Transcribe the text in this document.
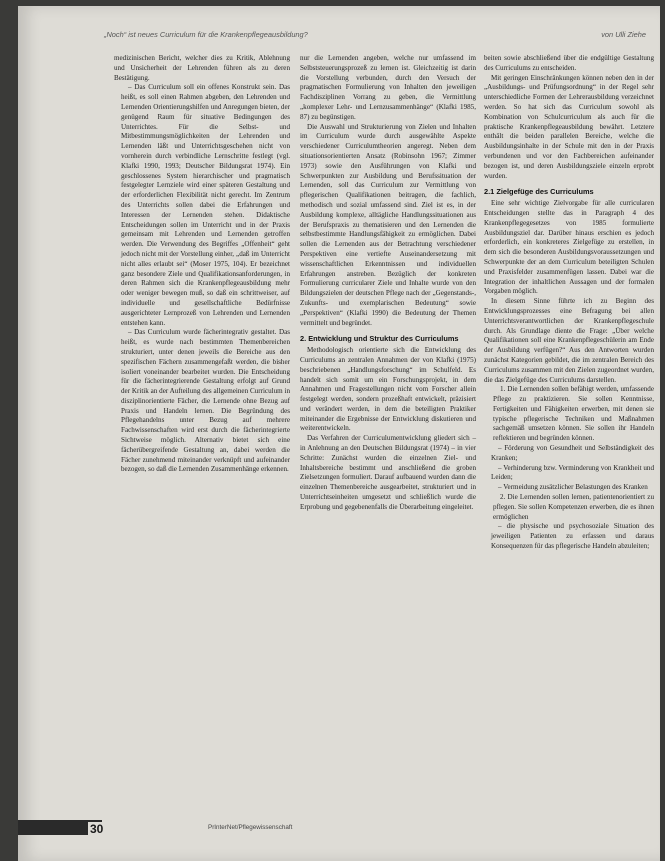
„Noch“ ist neues Curriculum für die Krankenpflegeausbildung?	von Ulli Ziehe

medizinischen Bericht, welcher dies zu Kritik, Ablehnung und Unsicherheit der Lehrenden führen als zu deren Bestätigung.

– Das Curriculum soll ein offenes Konstrukt sein. Das heißt, es soll einen Rahmen abgeben, den Lehrenden und Lernenden Orientierungshilfen und Anregungen bieten, der genügend Raum für situative Bedingungen des Unterrichtes. Für die Selbst- und Mitbestimmungsmöglichkeiten der Lehrenden und Lernenden läßt und Unterrichtsgeschehen nicht von vornherein durch verbindliche Lernschritte festlegt (vgl. Klafki 1990, 1993; Deutscher Bildungsrat 1974). Ein geschlossenes System hierarchischer und pragmatisch festgelegter Lernziele wird einer späteren Gestaltung und der erforderlichen Flexibilität nicht gerecht. Im Zentrum des Unterrichts sollen dabei die Erfahrungen und Interessen der Lernenden stehen. Didaktische Entscheidungen sollen im Unterricht und in der Praxis gemeinsam mit Lehrenden und Lernenden getroffen werden. Die Verwendung des Begriffes „Offenheit“ geht jedoch nicht mit der Vorstellung einher, „daß im Unterricht nicht alles erlaubt sei“ (Moser 1975, 104). Er bezeichnet ganz besondere Ziele und Qualifikationsanforderungen, in deren Rahmen sich die Krankenpflegeausbildung mehr oder weniger bewegen muß, so daß ein schrittweiser, auf individuelle und gesellschaftliche Bedürfnisse ausgerichteter Lernprozeß von Lehrenden und Lernenden entstehen kann.

– Das Curriculum wurde fächerintegrativ gestaltet. Das heißt, es wurde nach bestimmten Themenbereichen strukturiert, unter denen jeweils die Bereiche aus den spezifischen Fächern zusammengefaßt werden, die bisher isoliert voneinander bearbeitet wurden. Die Entscheidung für die fächerintegrierende Gestaltung erfolgt auf Grund der Kritik an der Aufteilung des allgemeinen Curriculum in disziplinorientierte Fächer, die Lernende ohne Bezug auf Praxis und Handeln lernen. Die Begründung des Pflegehandelns unter Bezug auf mehrere Fachwissenschaften wird erst durch die fächerintegrierte Sichtweise möglich. Alternativ bietet sich eine fächerübergreifende Gestaltung an, dabei werden die Fächer zunehmend miteinander verknüpft und aufeinander bezogen, so daß die Lernenden Zusammenhänge erkennen.

nur die Lernenden angeben, welche nur umfassend im Selbststeuerungsprozeß zu lernen ist. Gleichzeitig ist darin die Vorstellung verbunden, durch den Versuch der pragmatischen Formulierung von Inhalten den jeweiligen Fachdisziplinen Vorrang zu geben, die Vermittlung „komplexer Lehr- und Lernzusammenhänge“ (Klafki 1985, 87) zu begünstigen.

Die Auswahl und Strukturierung von Zielen und Inhalten im Curriculum wurde durch ausgewählte Aspekte verschiedener Curriculumtheorien angeregt. Neben dem situationsorientierten Ansatz (Robinsohn 1967; Zimmer 1973) sowie den Ausführungen von Klafki und Schwerpunkten zur Ausbildung und Berufssituation der Lernenden, soll das Curriculum zur Vermittlung von pflegerischen Qualifikationen beitragen, die fachlich, methodisch und sozial umfassend sind. Ziel ist es, in der Ausbildung komplexe, alltägliche Handlungssituationen aus der Berufspraxis zu thematisieren und den Lernenden die selbstbestimmte Handlungsfähigkeit zu ermöglichen. Dabei sollen die Lernenden aus der Betrachtung verschiedener Perspektiven eine vertiefte Auseinandersetzung mit wissenschaftlichen Erkenntnissen und individuellen Erfahrungen anstreben. Bezüglich der konkreten Formulierung curricularer Ziele und Inhalte wurde von den Bildungszielen der deutschen Pflege nach der „Gegenstands-, Zukunfts- und exemplarischen Bedeutung“ sowie „Perspektiven“ (Klafki 1990) die Bedeutung der Themen vermittelt und begründet.

2. Entwicklung und Struktur des Curriculums

Methodologisch orientierte sich die Entwicklung des Curriculums an zentralen Annahmen der von Klafki (1975) beschriebenen „Handlungsforschung“ im Schulfeld. Es handelt sich somit um ein Forschungsprojekt, in dem Annahmen und Fragestellungen nicht vom Forscher allein festgelegt werden, sondern prozeßhaft entwickelt, präzisiert und verändert werden, in dem die beteiligten Praktiker miteinander die Ergebnisse der Entwicklung diskutieren und weiterentwickeln.

Das Verfahren der Curriculumentwicklung gliedert sich – in Anlehnung an den Deutschen Bildungsrat (1974) – in vier Schritte: Zunächst wurden die einzelnen Ziel- und Inhaltsbereiche bestimmt und anschließend die groben Zielsetzungen formuliert. Darauf aufbauend wurden dann die einzelnen Themenbereiche ausgearbeitet, strukturiert und in Unterrichtseinheiten umgesetzt und schließlich wurde die Erprobung und gegebenenfalls die Überarbeitung eingeleitet.

beiten sowie abschließend über die endgültige Gestaltung des Curriculums zu entscheiden.

Mit geringen Einschränkungen können neben den in der „Ausbildungs- und Prüfungsordnung“ in der Regel sehr unterschiedliche Formen der Lehrerausbildung verzeichnet werden. So hat sich das Curriculum sowohl als Kombination von Schulcurriculum als auch für die praktische Krankenpflegeausbildung bewährt. Letztere enthält die beiden parallelen Bereiche, welche die Ausbildungsinhalte in der Schule mit den in der Praxis verbundenen und vor den Fachbereichen aufeinander bezogen ist, und deren Ausbildungsziele einzeln erprobt wurden.

2.1 Zielgefüge des Curriculums

Eine sehr wichtige Zielvorgabe für alle curricularen Entscheidungen stellte das in Paragraph 4 des Krankenpflegegesetzes von 1985 formulierte Ausbildungsziel dar. Darüber hinaus erschien es jedoch erforderlich, ein konkreteres Zielgefüge zu erstellen, in dem sich die besonderen Ausbildungsvoraussetzungen und Schwerpunkte der an dem Curriculum beteiligten Schulen und Praxisfelder zusammenfügen lassen. Dabei war die Integration der inhaltlichen Aussagen und der formalen Vorgaben möglich.

In diesem Sinne führte ich zu Beginn des Entwicklungsprozesses eine Befragung bei allen Unterrichtsverantwortlichen der Krankenpflegeschule durch. Als Grundlage diente die Frage: „Über welche Qualifikationen soll eine Krankenpflegeschülerin am Ende der Ausbildung verfügen?“ Aus den Antworten wurden zunächst Kategorien gebildet, die im zentralen Bereich des Curriculums zusammen mit den Zielen zugeordnet wurden, die das Zielgefüge des Curriculums darstellen.

1. Die Lernenden sollen befähigt werden, umfassende Pflege zu praktizieren. Sie sollen Kenntnisse, Fertigkeiten und Fähigkeiten erwerben, mit denen sie typische pflegerische Techniken und Maßnahmen sachgemäß umsetzen können. Sie sollen ihr Handeln reflektieren und begründen können.

– Förderung von Gesundheit und Selbständigkeit des Kranken;

– Verhinderung bzw. Verminderung von Krankheit und Leiden;

– Vermeidung zusätzlicher Belastungen des Kranken

2. Die Lernenden sollen lernen, patientenorientiert zu pflegen. Sie sollen Kompetenzen erwerben, die es ihnen ermöglichen

– die physische und psychosoziale Situation des jeweiligen Patienten zu erfassen und daraus Konsequenzen für das pflegerische Handeln abzuleiten;

30	PrInterNet/Pflegewissenschaft
